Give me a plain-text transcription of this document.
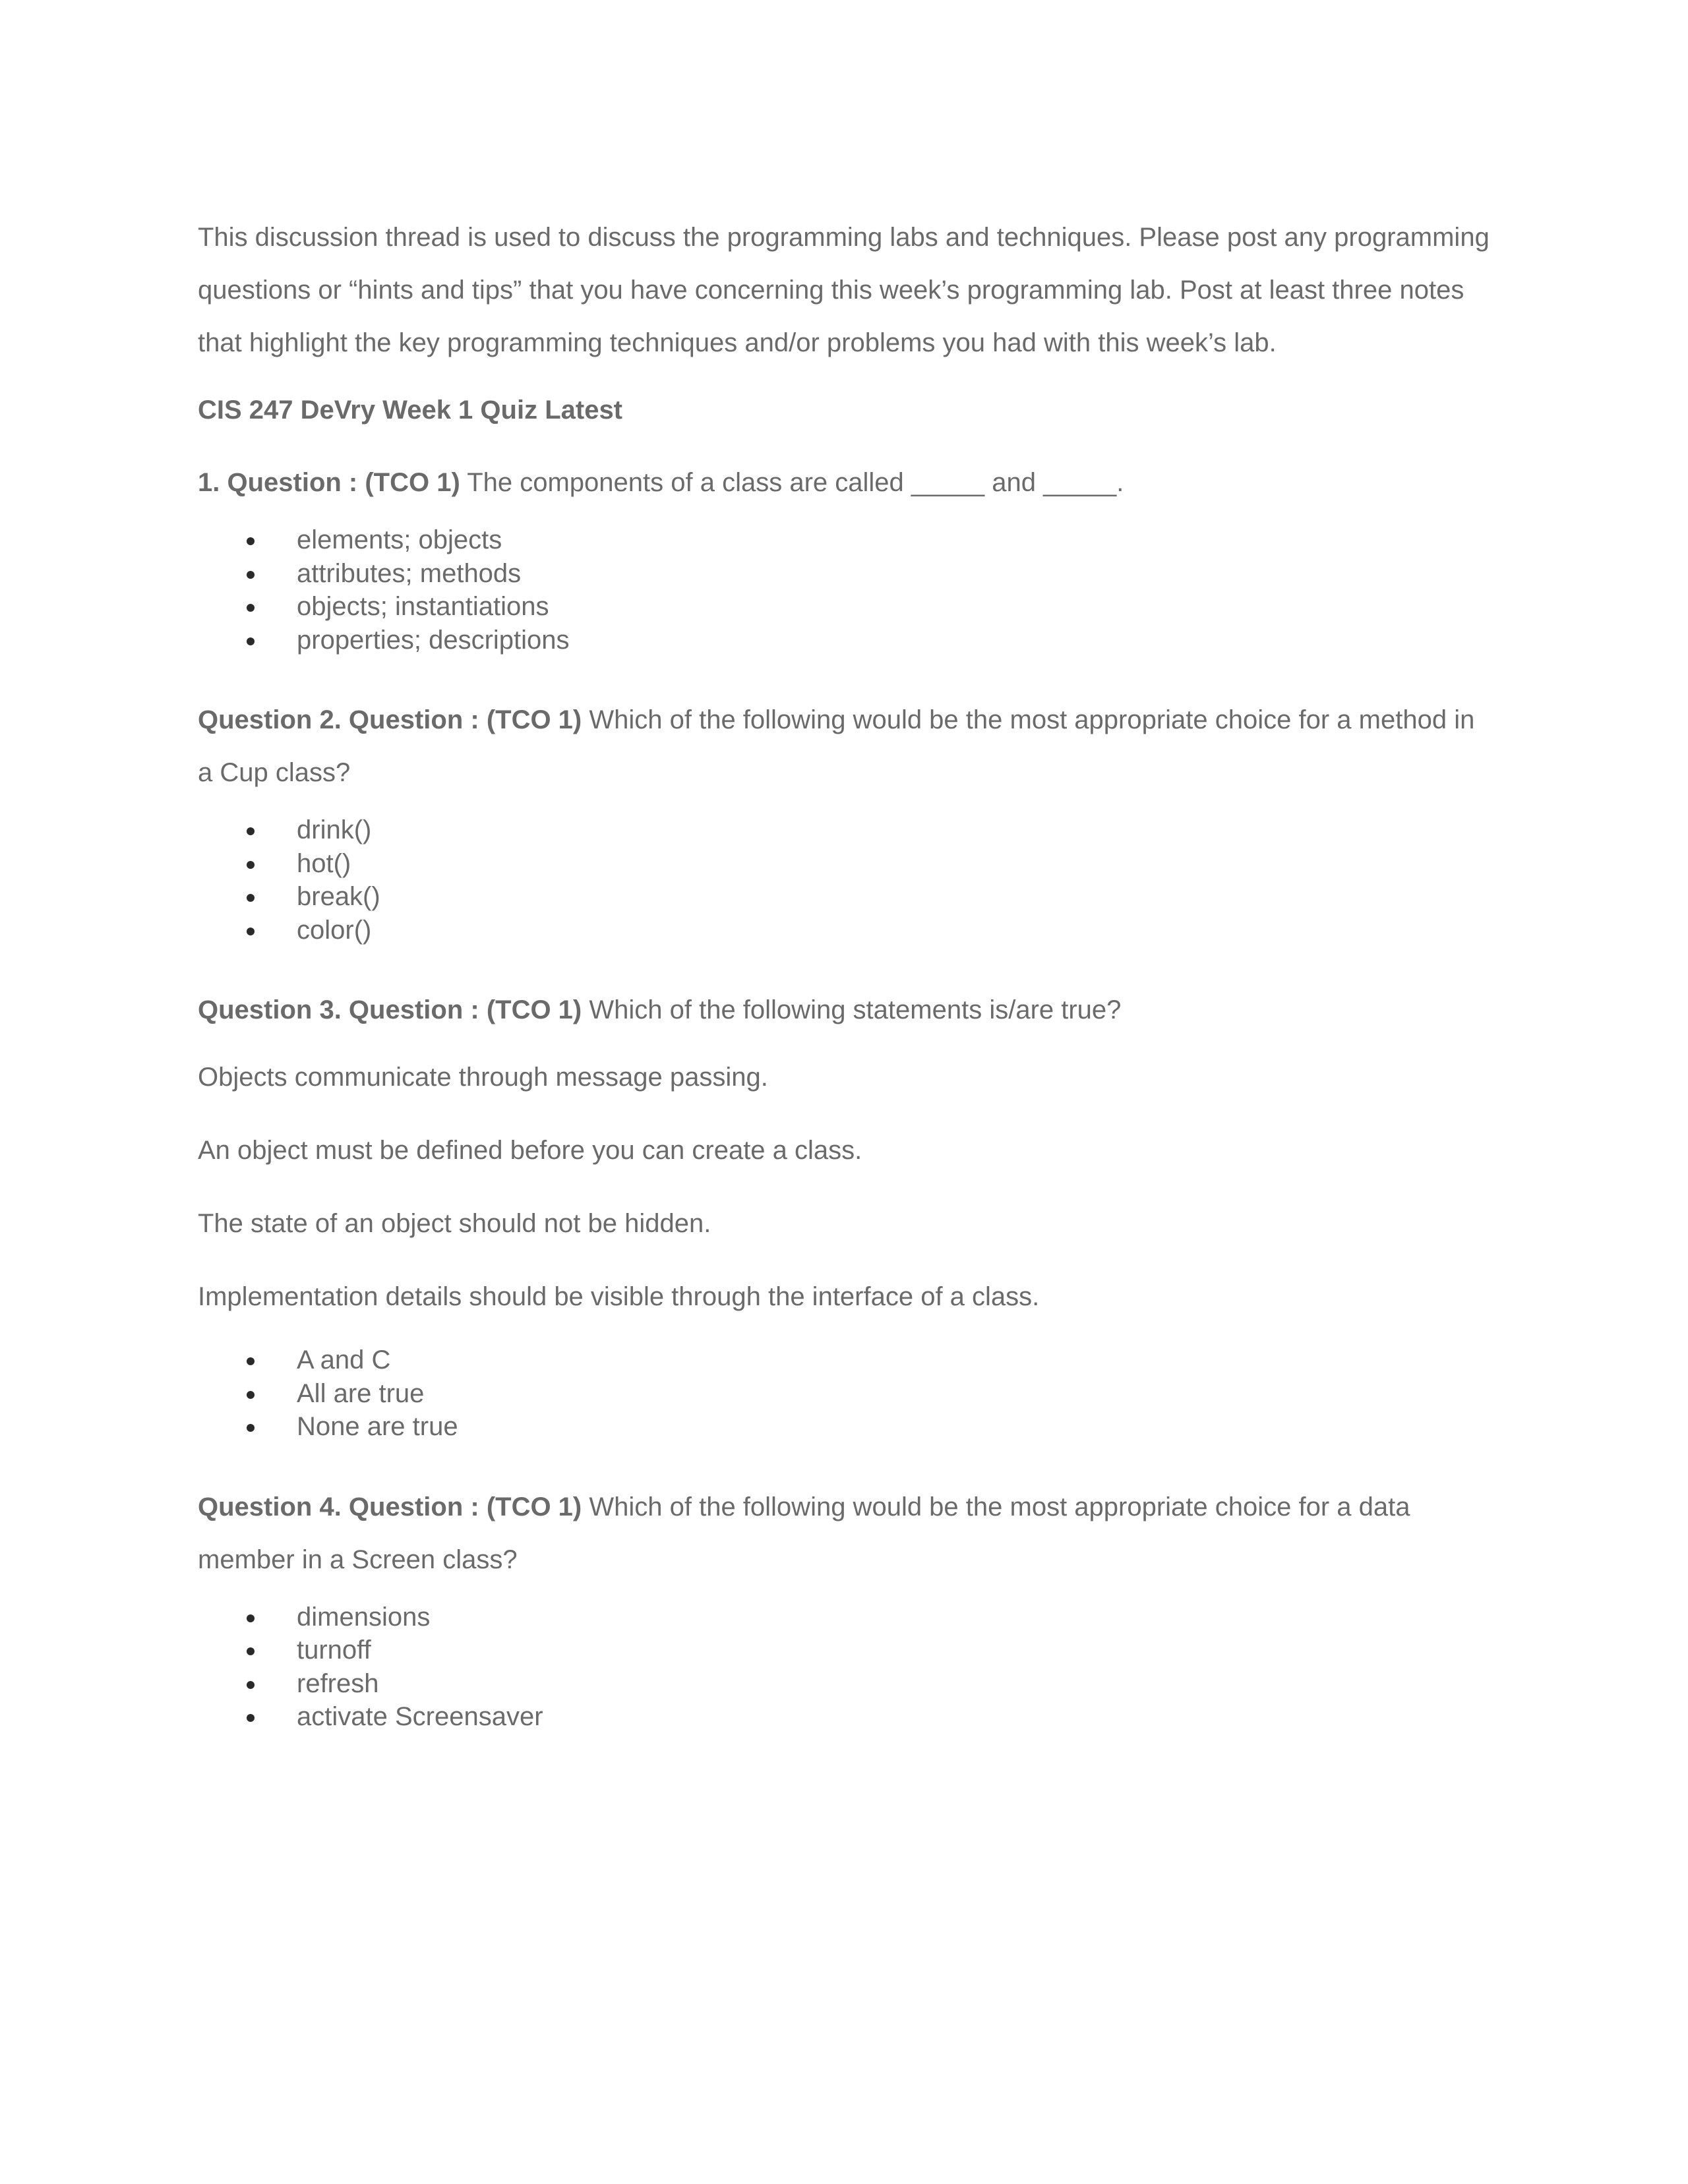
This discussion thread is used to discuss the programming labs and techniques. Please post any programming questions or “hints and tips” that you have concerning this week’s programming lab. Post at least three notes that highlight the key programming techniques and/or problems you had with this week’s lab.

CIS 247 DeVry Week 1 Quiz Latest

1. Question : (TCO 1) The components of a class are called _____ and _____.

elements; objects
attributes; methods
objects; instantiations
properties; descriptions

Question 2. Question : (TCO 1) Which of the following would be the most appropriate choice for a method in a Cup class?

drink()
hot()
break()
color()

Question 3. Question : (TCO 1) Which of the following statements is/are true?

Objects communicate through message passing.

An object must be defined before you can create a class.

The state of an object should not be hidden.

Implementation details should be visible through the interface of a class.

A and C
All are true
None are true

Question 4. Question : (TCO 1) Which of the following would be the most appropriate choice for a data member in a Screen class?

dimensions
turnoff
refresh
activate Screensaver
